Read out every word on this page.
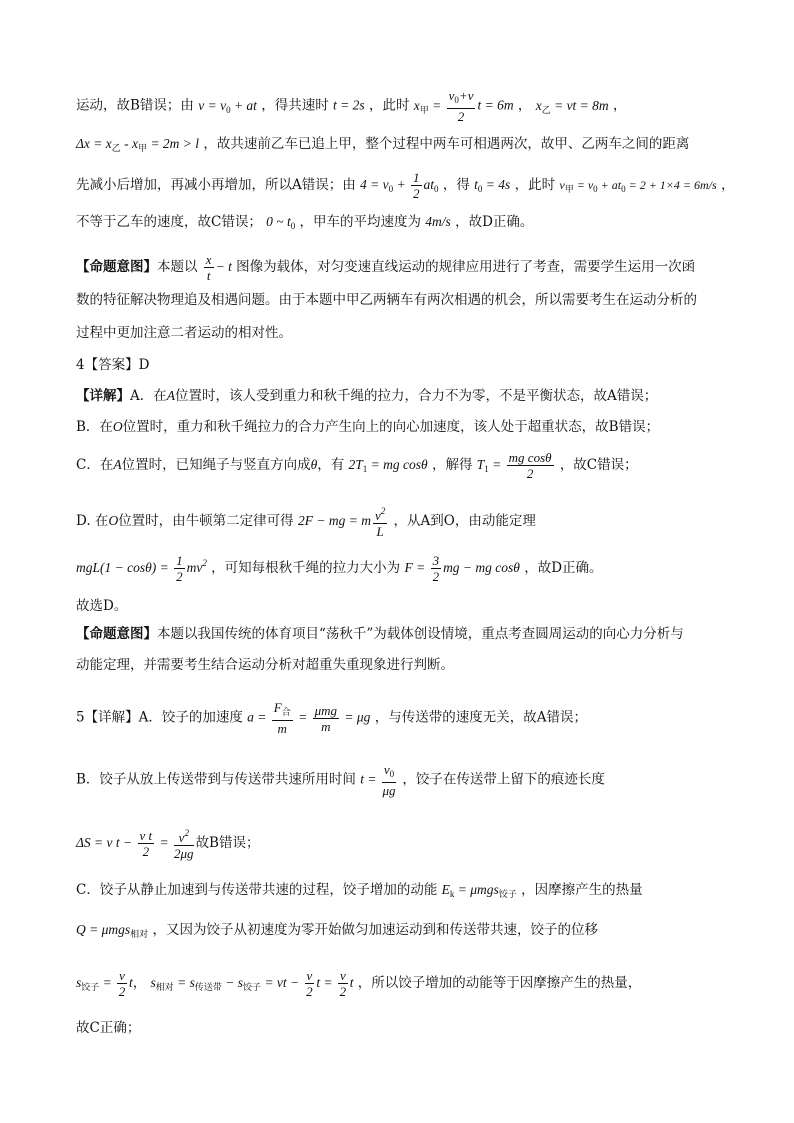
运动，故B错误；由 $v = v_0$ + at ，得共速时 t = 2s ，此时 $x_甲 = \frac{v_0+v}{2}$ t = 6m ， $x_乙$ = vt = 8m ，
$\Delta x = x_乙 - x_甲 = 2m > l$ ，故共速前乙车已追上甲，整个过程中两车可相遇两次，故甲、乙两车之间的距离
先减小后增加，再减小再增加，所以A错误；由 $4 = v_0 + \frac{1}{2} at_0$ ，得 $t_0 = 4s$ ，此时 $v_甲 = v_0 + at_0 = 2 + 1\times 4 = 6m/s$ ，
不等于乙车的速度，故C错误； 0 ~ $t_0$ ，甲车的平均速度为 4m/s ，故D正确。
【命题意图】本题以 $\frac{x}{t} - t$ 图像为载体，对匀变速直线运动的规律应用进行了考查，需要学生运用一次函
数的特征解决物理追及相遇问题。由于本题中甲乙两辆车有两次相遇的机会，所以需要考生在运动分析的
过程中更加注意二者运动的相对性。
4【答案】D
【详解】A．在A位置时，该人受到重力和秋千绳的拉力，合力不为零，不是平衡状态，故A错误；
B．在O位置时，重力和秋千绳拉力的合力产生向上的向心加速度，该人处于超重状态，故B错误；
C．在A位置时，已知绳子与竖直方向成θ，有 $2T_1$ = mg cosθ ，解得 $T_1 = \frac{\text{mg cosθ}}{2}$ ，故C错误；
D. 在O位置时，由牛顿第二定律可得 2F − mg = m $\frac{v^2}{L}$ ，从A到O，由动能定理
$mgL(1 - \cos\theta) = \frac{1}{2} mv^2$ ，可知每根秋千绳的拉力大小为 $F = \frac{3}{2}$ mg − mg cosθ ，故D正确。
故选D。
【命题意图】本题以我国传统的体育项目“荡秋千”为载体创设情境，重点考查圆周运动的向心力分析与
动能定理，并需要考生结合运动分析对超重失重现象进行判断。
5【详解】A．饺子的加速度 $a = \frac{F_合}{m} = \frac{\text{μmg}}{m} = \mu g$ ，与传送带的速度无关，故A错误；
B．饺子从放上传送带到与传送带共速所用时间 $t = \frac{v_0}{\mu g}$ ，饺子在传送带上留下的痕迹长度
ΔS = v $t - \frac{\text{v t}}{2} = \frac{v^2}{2\mu g}$ 故B错误；
C．饺子从静止加速到与传送带共速的过程，饺子增加的动能 $E_k = \mu mgs_{饺子}$ ，因摩擦产生的热量
Q = μmgs$_{相对}$ ，又因为饺子从初速度为零开始做匀加速运动到和传送带共速，饺子的位移
$s_{饺子} = \frac{v}{2}$ t， $s_{相对} = s_{传送带} - s_{饺子}$ = vt − $\frac{v}{2}$ $t = \frac{v}{2}$ t ，所以饺子增加的动能等于因摩擦产生的热量，
故C正确；
